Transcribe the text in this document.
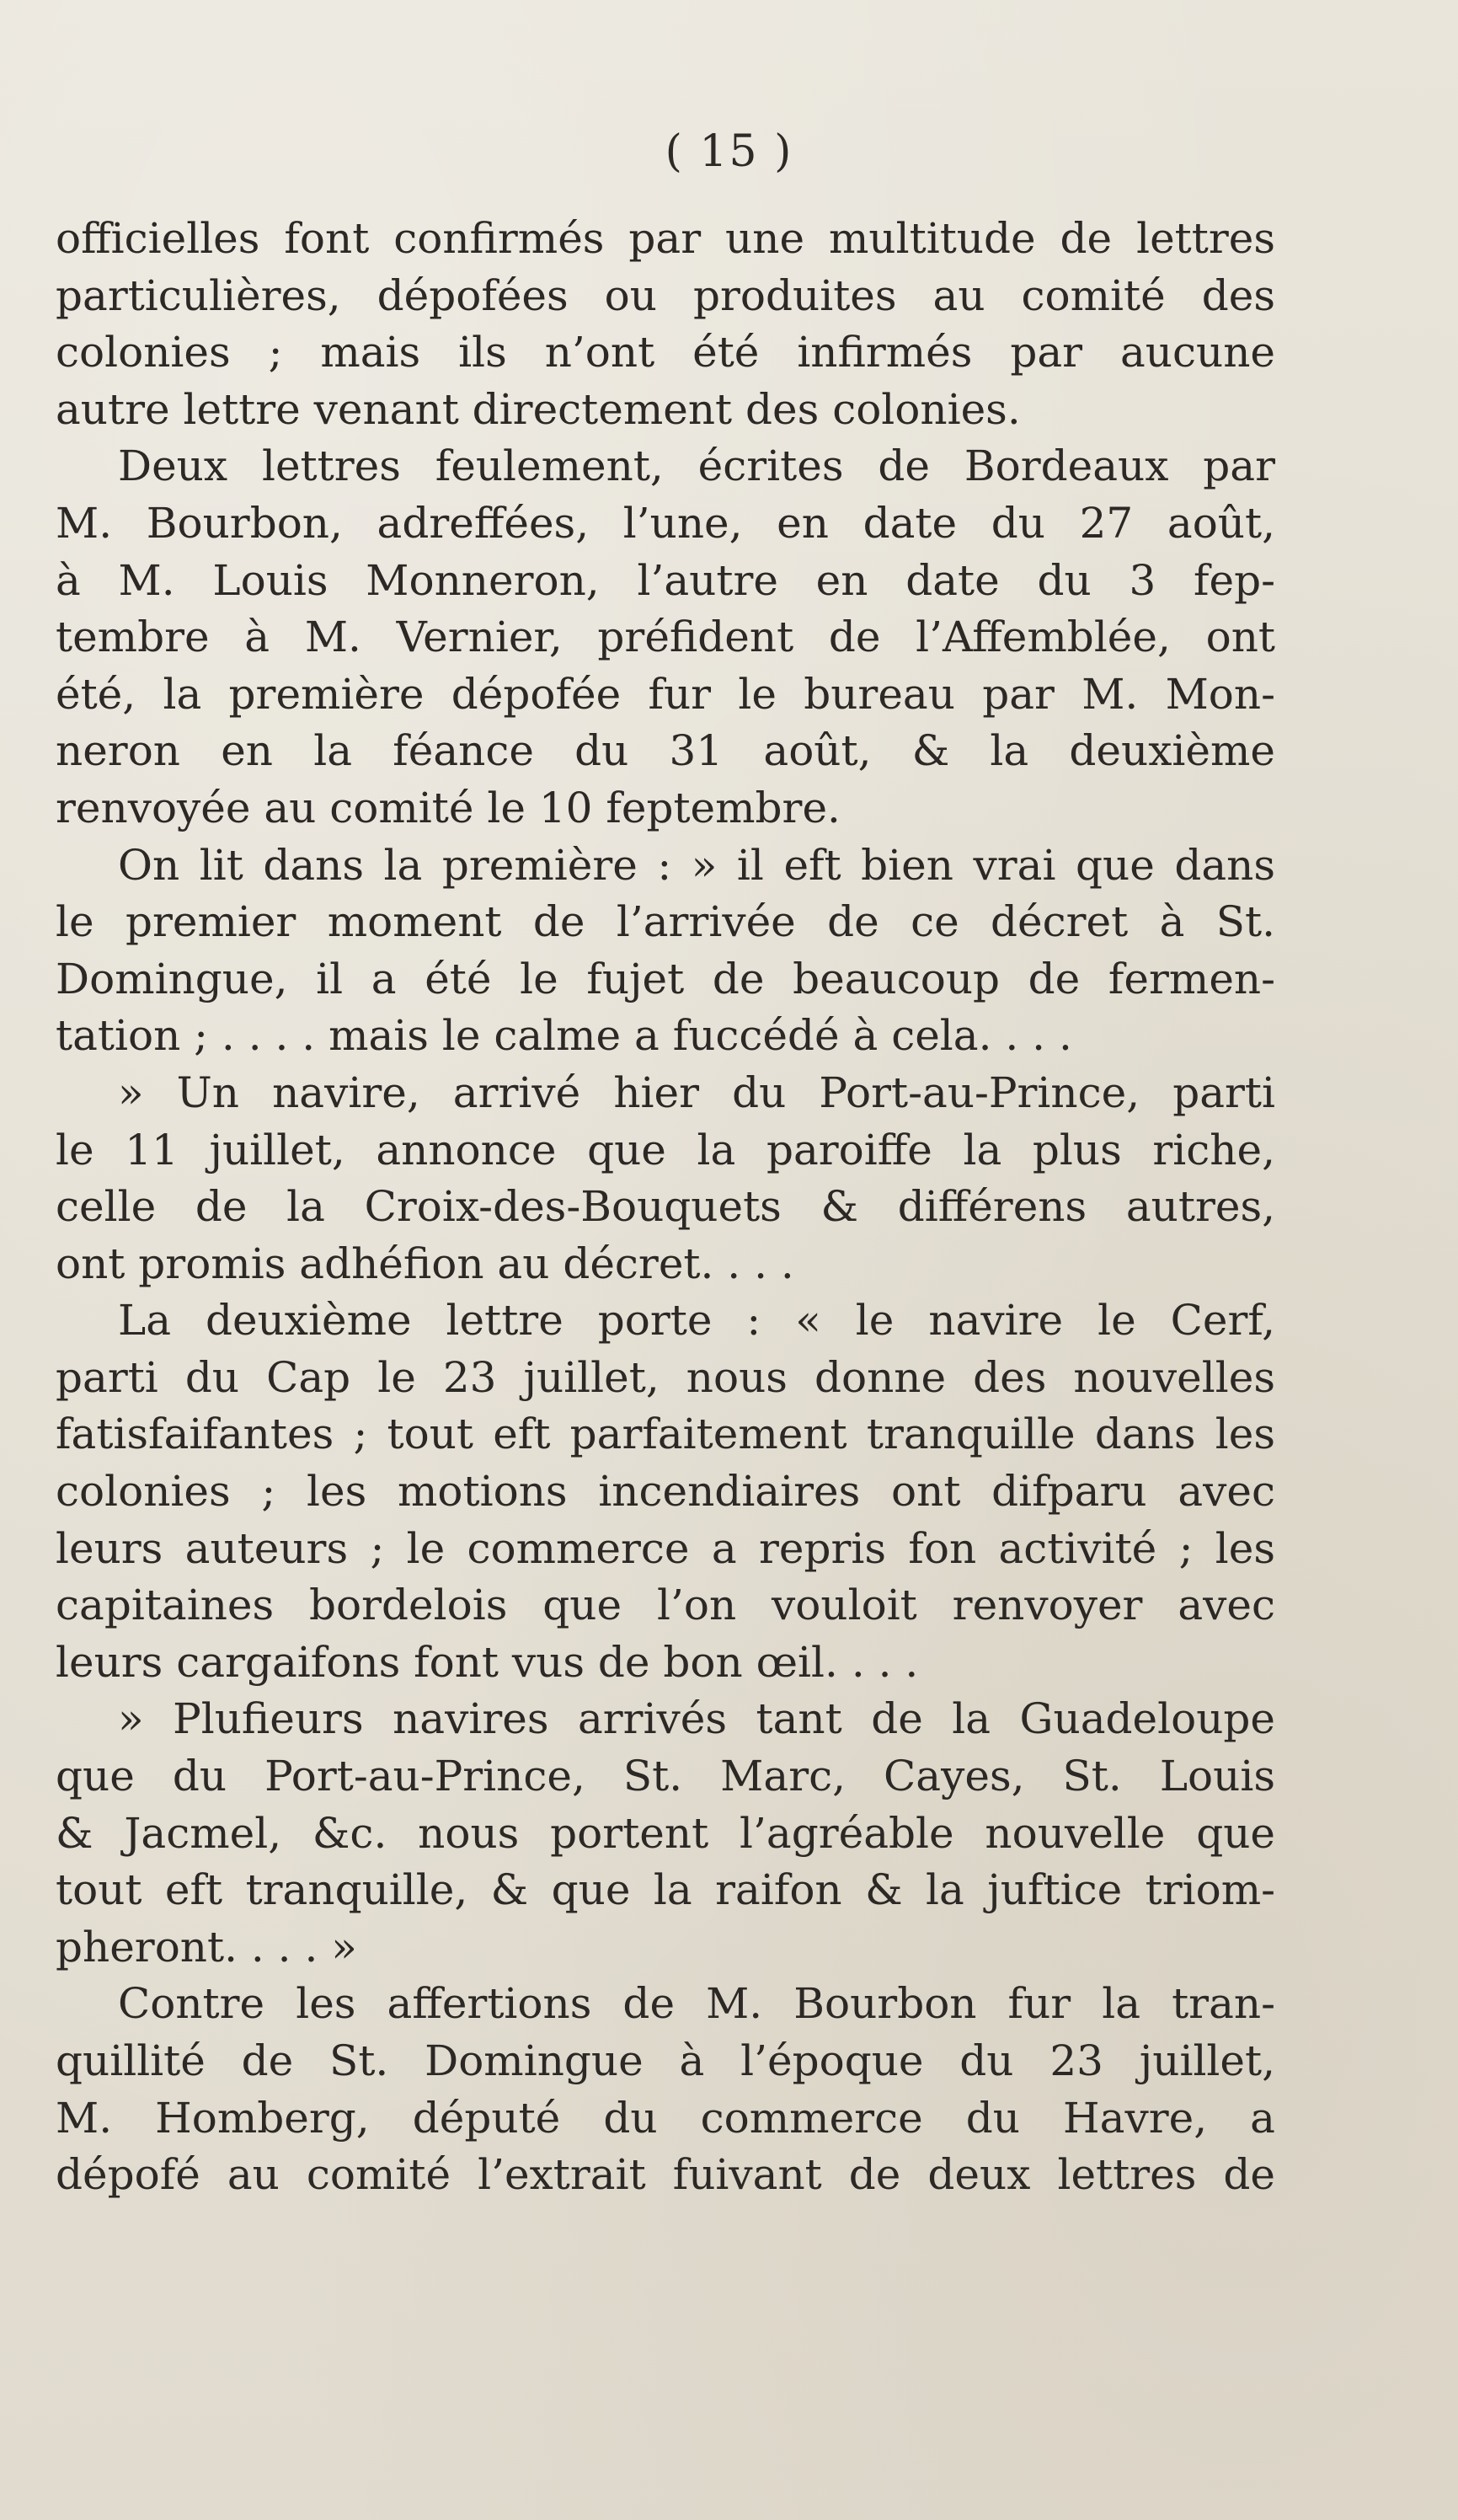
( 15 )
officielles font confirmés par une multitude de lettres
particulières, dépofées ou produites au comité des
colonies ; mais ils n’ont été infirmés par aucune
autre lettre venant directement des colonies.
Deux lettres feulement, écrites de Bordeaux par
M. Bourbon, adreffées, l’une, en date du 27 août,
à M. Louis Monneron, l’autre en date du 3 fep-
tembre à M. Vernier, préfident de l’Affemblée, ont
été, la première dépofée fur le bureau par M. Mon-
neron en la féance du 31 août, & la deuxième
renvoyée au comité le 10 feptembre.
On lit dans la première : » il eft bien vrai que dans
le premier moment de l’arrivée de ce décret à St.
Domingue, il a été le fujet de beaucoup de fermen-
tation ; . . . . mais le calme a fuccédé à cela. . . .
» Un navire, arrivé hier du Port-au-Prince, parti
le 11 juillet, annonce que la paroiffe la plus riche,
celle de la Croix-des-Bouquets & différens autres,
ont promis adhéfion au décret. . . .
La deuxième lettre porte : « le navire le Cerf,
parti du Cap le 23 juillet, nous donne des nouvelles
fatisfaifantes ; tout eft parfaitement tranquille dans les
colonies ; les motions incendiaires ont difparu avec
leurs auteurs ; le commerce a repris fon activité ; les
capitaines bordelois que l’on vouloit renvoyer avec
leurs cargaifons font vus de bon œil. . . .
» Plufieurs navires arrivés tant de la Guadeloupe
que du Port-au-Prince, St. Marc, Cayes, St. Louis
& Jacmel, &c. nous portent l’agréable nouvelle que
tout eft tranquille, & que la raifon & la juftice triom-
pheront. . . . »
Contre les affertions de M. Bourbon fur la tran-
quillité de St. Domingue à l’époque du 23 juillet,
M. Homberg, député du commerce du Havre, a
dépofé au comité l’extrait fuivant de deux lettres de
